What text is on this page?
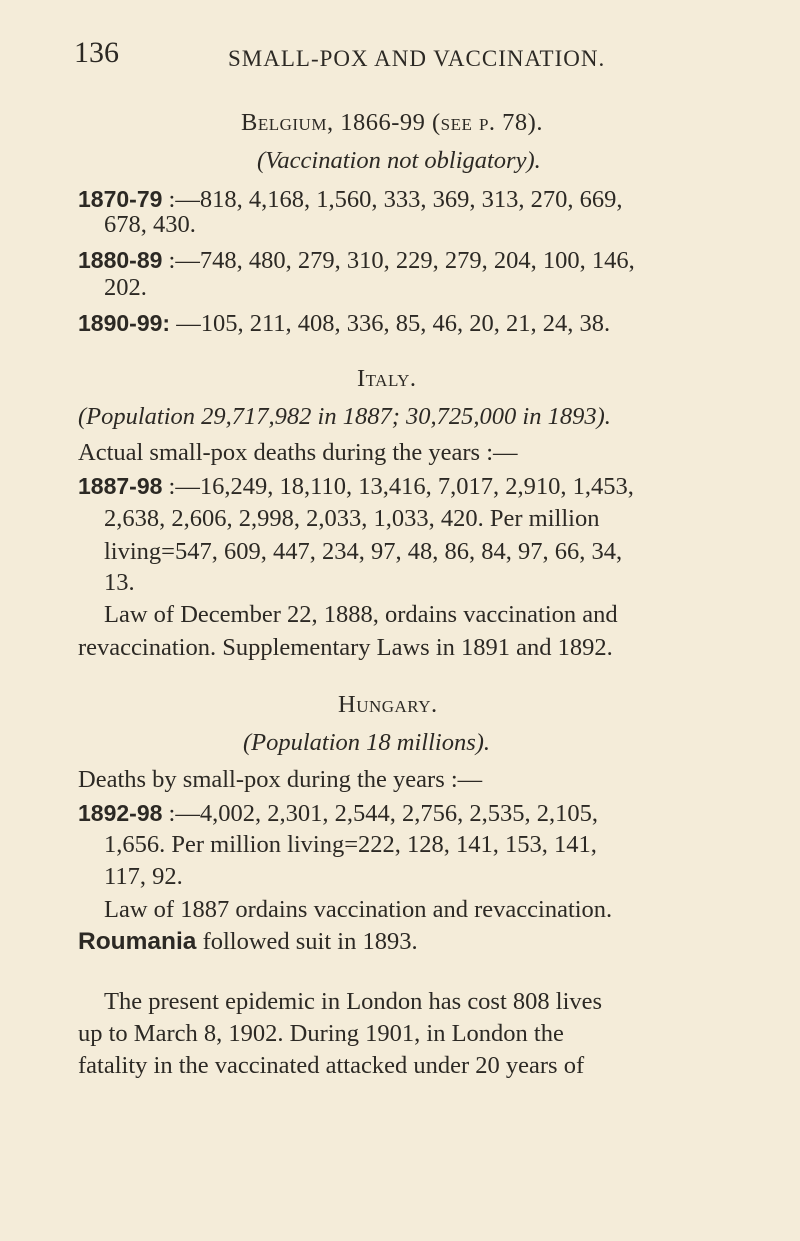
136	SMALL-POX AND VACCINATION.
Belgium, 1866-99 (see p. 78).
(Vaccination not obligatory).
1870-79 :—818, 4,168, 1,560, 333, 369, 313, 270, 669,
678, 430.
1880-89 :—748, 480, 279, 310, 229, 279, 204, 100, 146,
202.
1890-99: —105, 211, 408, 336, 85, 46, 20, 21, 24, 38.
Italy.
(Population 29,717,982 in 1887; 30,725,000 in 1893).
Actual small-pox deaths during the years :—
1887-98 :—16,249, 18,110, 13,416, 7,017, 2,910, 1,453,
2,638, 2,606, 2,998, 2,033, 1,033, 420. Per million
living=547, 609, 447, 234, 97, 48, 86, 84, 97, 66, 34,
13.
Law of December 22, 1888, ordains vaccination and
revaccination. Supplementary Laws in 1891 and 1892.
Hungary.
(Population 18 millions).
Deaths by small-pox during the years :—
1892-98 :—4,002, 2,301, 2,544, 2,756, 2,535, 2,105,
1,656. Per million living=222, 128, 141, 153, 141,
117, 92.
Law of 1887 ordains vaccination and revaccination.
Roumania followed suit in 1893.
The present epidemic in London has cost 808 lives
up to March 8, 1902. During 1901, in London the
fatality in the vaccinated attacked under 20 years of
